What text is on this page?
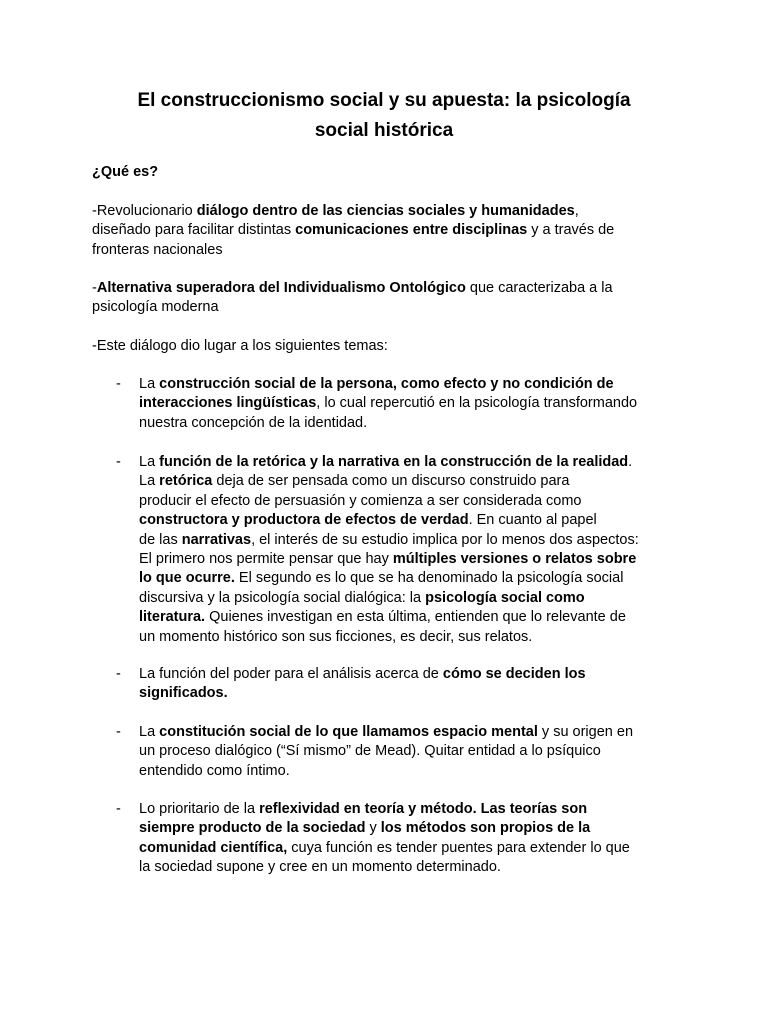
El construccionismo social y su apuesta: la psicología
social histórica
¿Qué es?
-Revolucionario diálogo dentro de las ciencias sociales y humanidades,
diseñado para facilitar distintas comunicaciones entre disciplinas y a través de
fronteras nacionales
-Alternativa superadora del Individualismo Ontológico que caracterizaba a la
psicología moderna
-Este diálogo dio lugar a los siguientes temas:
- La construcción social de la persona, como efecto y no condición de
interacciones lingüísticas, lo cual repercutió en la psicología transformando
nuestra concepción de la identidad.
- La función de la retórica y la narrativa en la construcción de la realidad.
La retórica deja de ser pensada como un discurso construido para
producir el efecto de persuasión y comienza a ser considerada como
constructora y productora de efectos de verdad. En cuanto al papel
de las narrativas, el interés de su estudio implica por lo menos dos aspectos:
El primero nos permite pensar que hay múltiples versiones o relatos sobre
lo que ocurre. El segundo es lo que se ha denominado la psicología social
discursiva y la psicología social dialógica: la psicología social como
literatura. Quienes investigan en esta última, entienden que lo relevante de
un momento histórico son sus ficciones, es decir, sus relatos.
- La función del poder para el análisis acerca de cómo se deciden los
significados.
- La constitución social de lo que llamamos espacio mental y su origen en
un proceso dialógico (“Sí mismo” de Mead). Quitar entidad a lo psíquico
entendido como íntimo.
- Lo prioritario de la reflexividad en teoría y método. Las teorías son
siempre producto de la sociedad y los métodos son propios de la
comunidad científica, cuya función es tender puentes para extender lo que
la sociedad supone y cree en un momento determinado.
